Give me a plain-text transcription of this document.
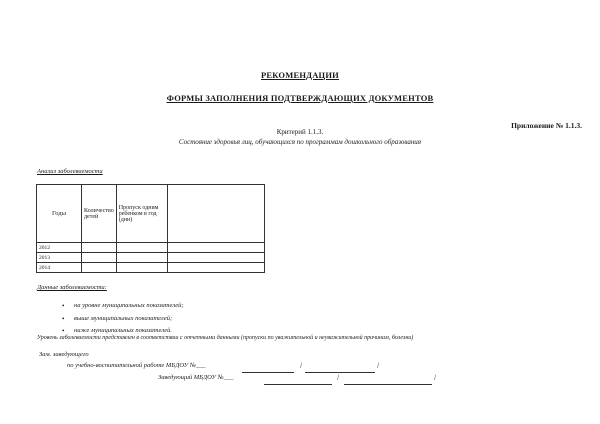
РЕКОМЕНДАЦИИ
ФОРМЫ ЗАПОЛНЕНИЯ ПОДТВЕРЖДАЮЩИХ ДОКУМЕНТОВ
Приложение № 1.1.3.
Критерий 1.1.3.
Состояние здоровья лиц, обучающихся по программам дошкольного образования
Анализ заболеваемости
Годы	Количество детей	Пропуск одним ребенком в год (дни)	
2012			
2013			
2014			
Данные заболеваемости:
• на уровне муниципальных показателей;
• выше муниципальных показателей;
• ниже муниципальных показателей.
Уровень заболеваемости представлен в соответствии с отчетными данными (пропуски по уважительной и неуважительной причинам, болезни)
Зам. заведующего
по учебно-воспитательной работе МБДОУ №___	/	/
Заведующий МБДОУ №___	/	/
